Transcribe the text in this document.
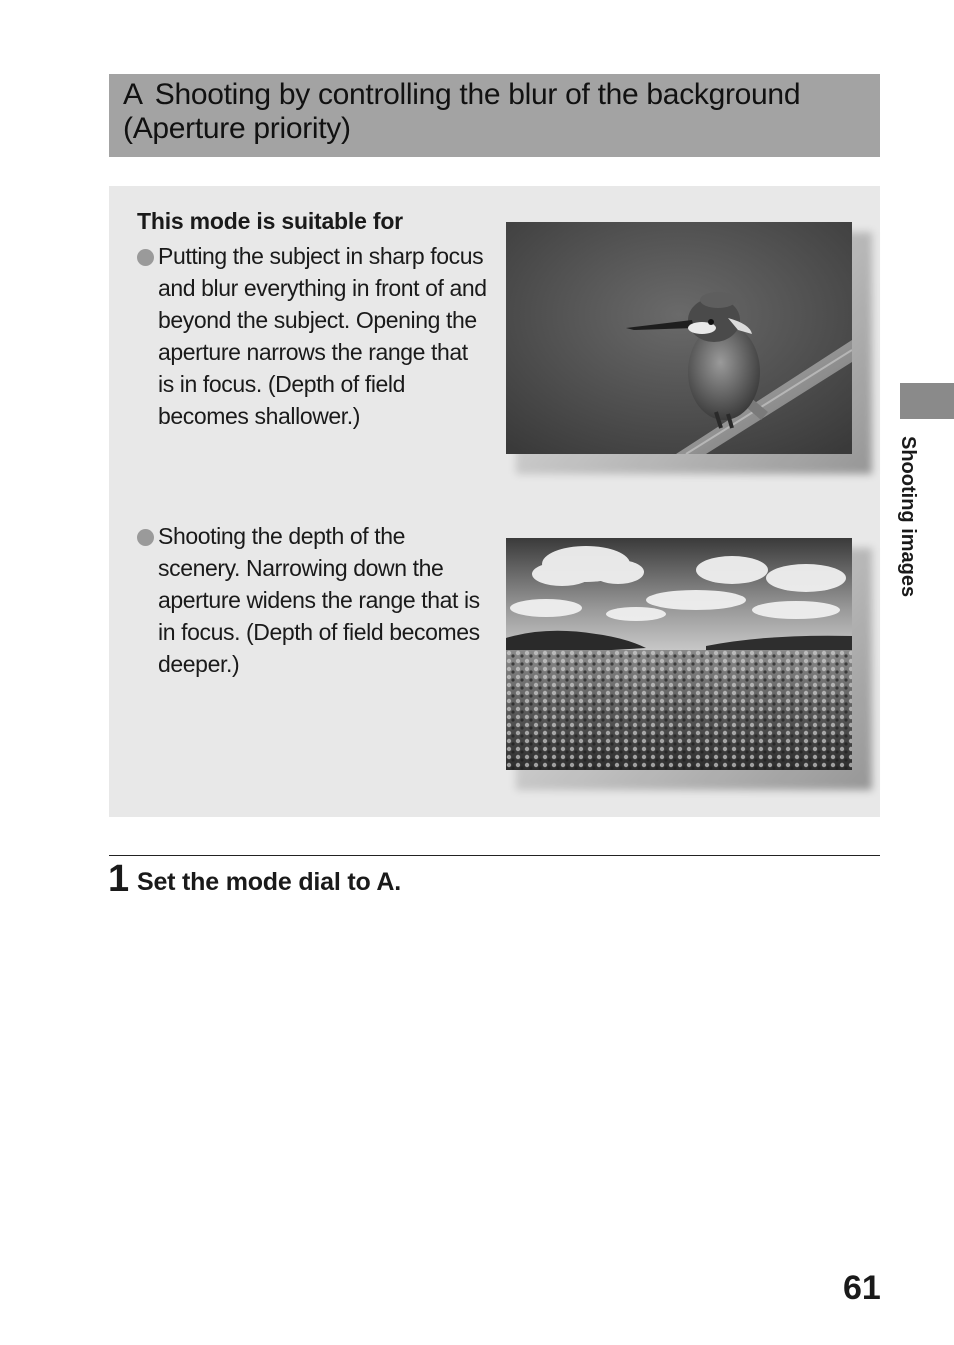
A Shooting by controlling the blur of the background
(Aperture priority)
This mode is suitable for
Putting the subject in sharp focus and blur everything in front of and beyond the subject. Opening the aperture narrows the range that is in focus. (Depth of field becomes shallower.)
Shooting the depth of the scenery. Narrowing down the aperture widens the range that is in focus. (Depth of field becomes deeper.)
1 Set the mode dial to A.
Shooting images
61
